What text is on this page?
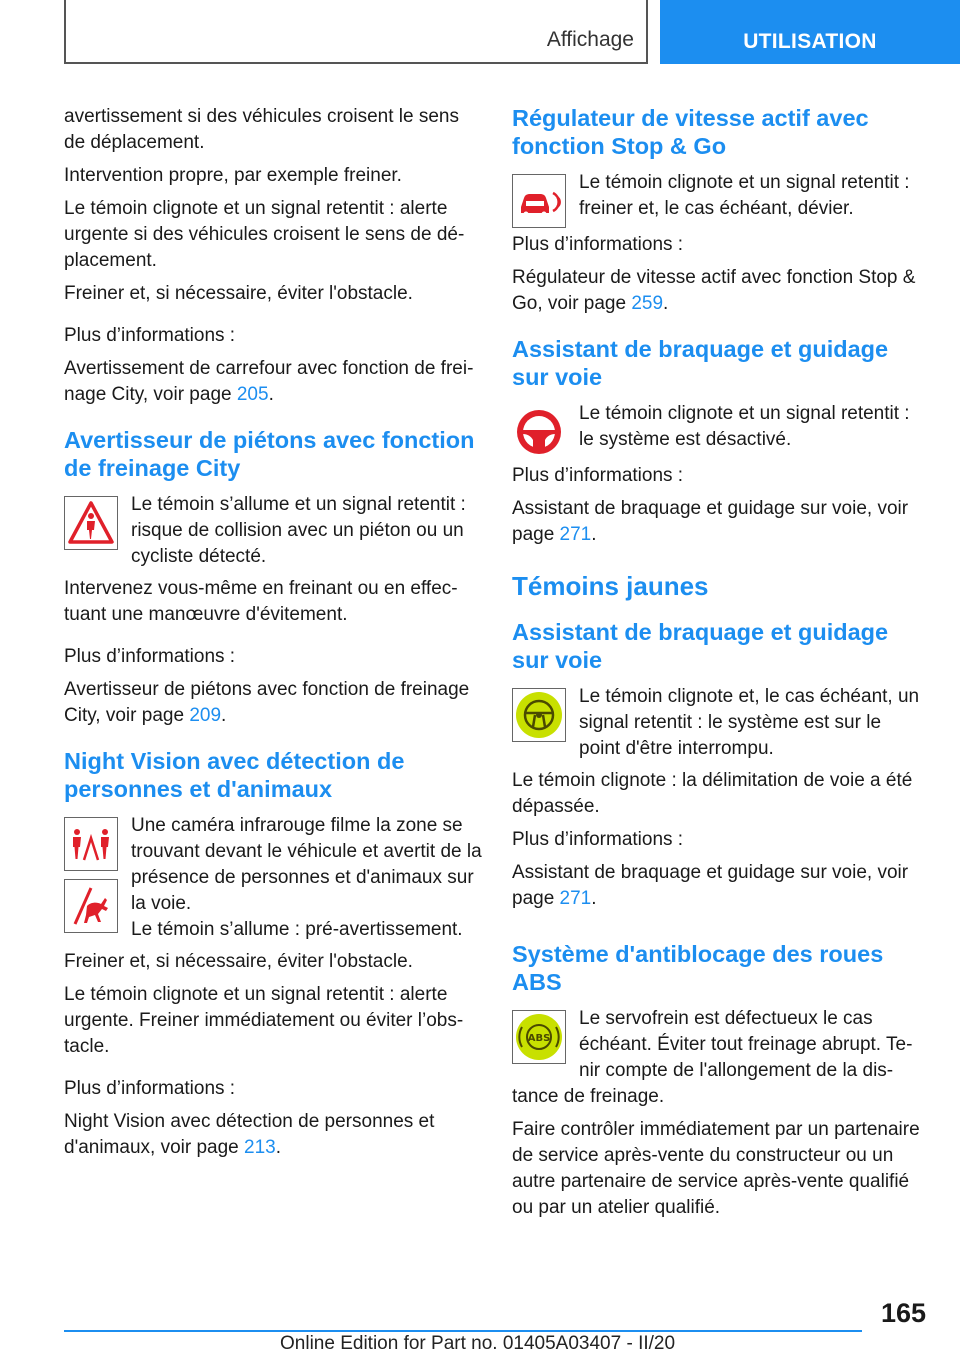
Affichage	UTILISATION

avertissement si des véhicules croisent le sens de déplacement.

Intervention propre, par exemple freiner.

Le témoin clignote et un signal retentit : alerte urgente si des véhicules croisent le sens de dé‐placement.

Freiner et, si nécessaire, éviter l'obstacle.

Plus d’informations :

Avertissement de carrefour avec fonction de frei‐nage City, voir page 205.

Avertisseur de piétons avec fonction de freinage City

Le témoin s’allume et un signal retentit : risque de collision avec un piéton ou un cycliste détecté.

Intervenez vous-même en freinant ou en effec‐tuant une manœuvre d'évitement.

Plus d’informations :

Avertisseur de piétons avec fonction de freinage City, voir page 209.

Night Vision avec détection de personnes et d'animaux

Une caméra infrarouge filme la zone se trouvant devant le véhicule et avertit de la présence de personnes et d'animaux sur la voie.

Le témoin s’allume : pré-avertissement.

Freiner et, si nécessaire, éviter l'obstacle.

Le témoin clignote et un signal retentit : alerte urgente. Freiner immédiatement ou éviter l’obs‐tacle.

Plus d’informations :

Night Vision avec détection de personnes et d'animaux, voir page 213.

Régulateur de vitesse actif avec fonction Stop & Go

Le témoin clignote et un signal retentit : freiner et, le cas échéant, dévier.

Plus d’informations :

Régulateur de vitesse actif avec fonction Stop & Go, voir page 259.

Assistant de braquage et guidage sur voie

Le témoin clignote et un signal retentit : le système est désactivé.

Plus d’informations :

Assistant de braquage et guidage sur voie, voir page 271.

Témoins jaunes
Assistant de braquage et guidage sur voie

Le témoin clignote et, le cas échéant, un signal retentit : le système est sur le point d'être interrompu.

Le témoin clignote : la délimitation de voie a été dépassée.

Plus d’informations :

Assistant de braquage et guidage sur voie, voir page 271.

Système d'antiblocage des roues ABS
ABS

Le servofrein est défectueux le cas échéant. Éviter tout freinage abrupt. Te‐nir compte de l'allongement de la dis‐

tance de freinage.

Faire contrôler immédiatement par un partenaire de service après-vente du constructeur ou un autre partenaire de service après-vente qualifié ou par un atelier qualifié.

165
Online Edition for Part no. 01405A03407 - II/20
